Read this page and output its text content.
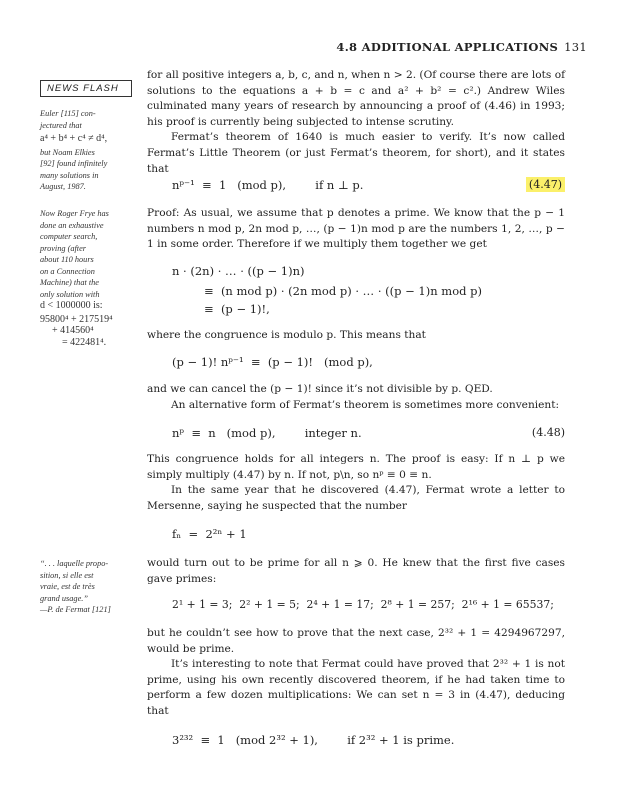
4.8 ADDITIONAL APPLICATIONS 131
NEWS FLASH
Euler [115] con-
jectured that
a⁴ + b⁴ + c⁴ ≠ d⁴,
but Noam Elkies
[92] found infinitely
many solutions in
August, 1987.
Now Roger Frye has
done an exhaustive
computer search,
proving (after
about 110 hours
on a Connection
Machine) that the
only solution with
d < 1000000 is:
95800⁴ + 217519⁴
+ 414560⁴
= 422481⁴.
“. . . laquelle propo-
sition, si elle est
vraie, est de très
grand usage.”
—P. de Fermat [121]

for all positive integers a, b, c, and n, when n > 2. (Of course there are lots of solutions to the equations a + b = c and a² + b² = c².) Andrew Wiles culminated many years of research by announcing a proof of (4.46) in 1993; his proof is currently being subjected to intense scrutiny.

Fermat’s theorem of 1640 is much easier to verify. It’s now called Fermat’s Little Theorem (or just Fermat’s theorem, for short), and it states that

nᵖ⁻¹  ≡  1   (mod p),        if n ⊥ p.	(4.47)

Proof: As usual, we assume that p denotes a prime. We know that the p − 1 numbers n mod p, 2n mod p, …, (p − 1)n mod p are the numbers 1, 2, …, p − 1 in some order. Therefore if we multiply them together we get

n · (2n) · … · ((p − 1)n)
≡  (n mod p) · (2n mod p) · … · ((p − 1)n mod p)
≡  (p − 1)!,

where the congruence is modulo p. This means that

(p − 1)! nᵖ⁻¹  ≡  (p − 1)!   (mod p),

and we can cancel the (p − 1)! since it’s not divisible by p. QED.

An alternative form of Fermat’s theorem is sometimes more convenient:

nᵖ  ≡  n   (mod p),        integer n.	(4.48)

This congruence holds for all integers n. The proof is easy: If n ⊥ p we simply multiply (4.47) by n. If not, p\n, so nᵖ ≡ 0 ≡ n.

In the same year that he discovered (4.47), Fermat wrote a letter to Mersenne, saying he suspected that the number

fₙ  =  2²ⁿ + 1

would turn out to be prime for all n ⩾ 0. He knew that the first five cases gave primes:

2¹ + 1 = 3;  2² + 1 = 5;  2⁴ + 1 = 17;  2⁸ + 1 = 257;  2¹⁶ + 1 = 65537;

but he couldn’t see how to prove that the next case, 2³² + 1 = 4294967297, would be prime.

It’s interesting to note that Fermat could have proved that 2³² + 1 is not prime, using his own recently discovered theorem, if he had taken time to perform a few dozen multiplications: We can set n = 3 in (4.47), deducing that

3²³²  ≡  1   (mod 2³² + 1),        if 2³² + 1 is prime.
